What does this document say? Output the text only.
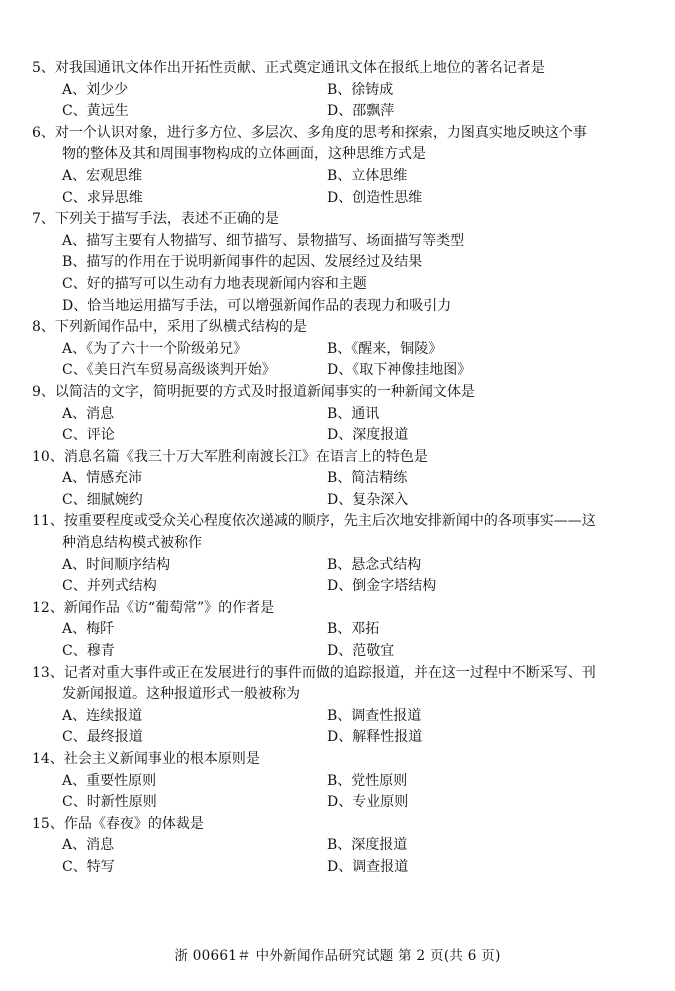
5、对我国通讯文体作出开拓性贡献、正式奠定通讯文体在报纸上地位的著名记者是
A、刘少少	B、徐铸成
C、黄远生	D、邵飘萍
6、对一个认识对象，进行多方位、多层次、多角度的思考和探索，力图真实地反映这个事
物的整体及其和周围事物构成的立体画面，这种思维方式是
A、宏观思维	B、立体思维
C、求异思维	D、创造性思维
7、下列关于描写手法，表述不正确的是
A、描写主要有人物描写、细节描写、景物描写、场面描写等类型
B、描写的作用在于说明新闻事件的起因、发展经过及结果
C、好的描写可以生动有力地表现新闻内容和主题
D、恰当地运用描写手法，可以增强新闻作品的表现力和吸引力
8、下列新闻作品中，采用了纵横式结构的是
A、《为了六十一个阶级弟兄》	B、《醒来，铜陵》
C、《美日汽车贸易高级谈判开始》	D、《取下神像挂地图》
9、以简洁的文字，简明扼要的方式及时报道新闻事实的一种新闻文体是
A、消息	B、通讯
C、评论	D、深度报道
10、消息名篇《我三十万大军胜利南渡长江》在语言上的特色是
A、情感充沛	B、简洁精练
C、细腻婉约	D、复杂深入
11、按重要程度或受众关心程度依次递减的顺序，先主后次地安排新闻中的各项事实——这
种消息结构模式被称作
A、时间顺序结构	B、悬念式结构
C、并列式结构	D、倒金字塔结构
12、新闻作品《访“葡萄常”》的作者是
A、梅阡	B、邓拓
C、穆青	D、范敬宜
13、记者对重大事件或正在发展进行的事件而做的追踪报道，并在这一过程中不断采写、刊
发新闻报道。这种报道形式一般被称为
A、连续报道	B、调查性报道
C、最终报道	D、解释性报道
14、社会主义新闻事业的根本原则是
A、重要性原则	B、党性原则
C、时新性原则	D、专业原则
15、作品《春夜》的体裁是
A、消息	B、深度报道
C、特写	D、调查报道
浙 00661＃ 中外新闻作品研究试题 第 2 页(共 6 页)
